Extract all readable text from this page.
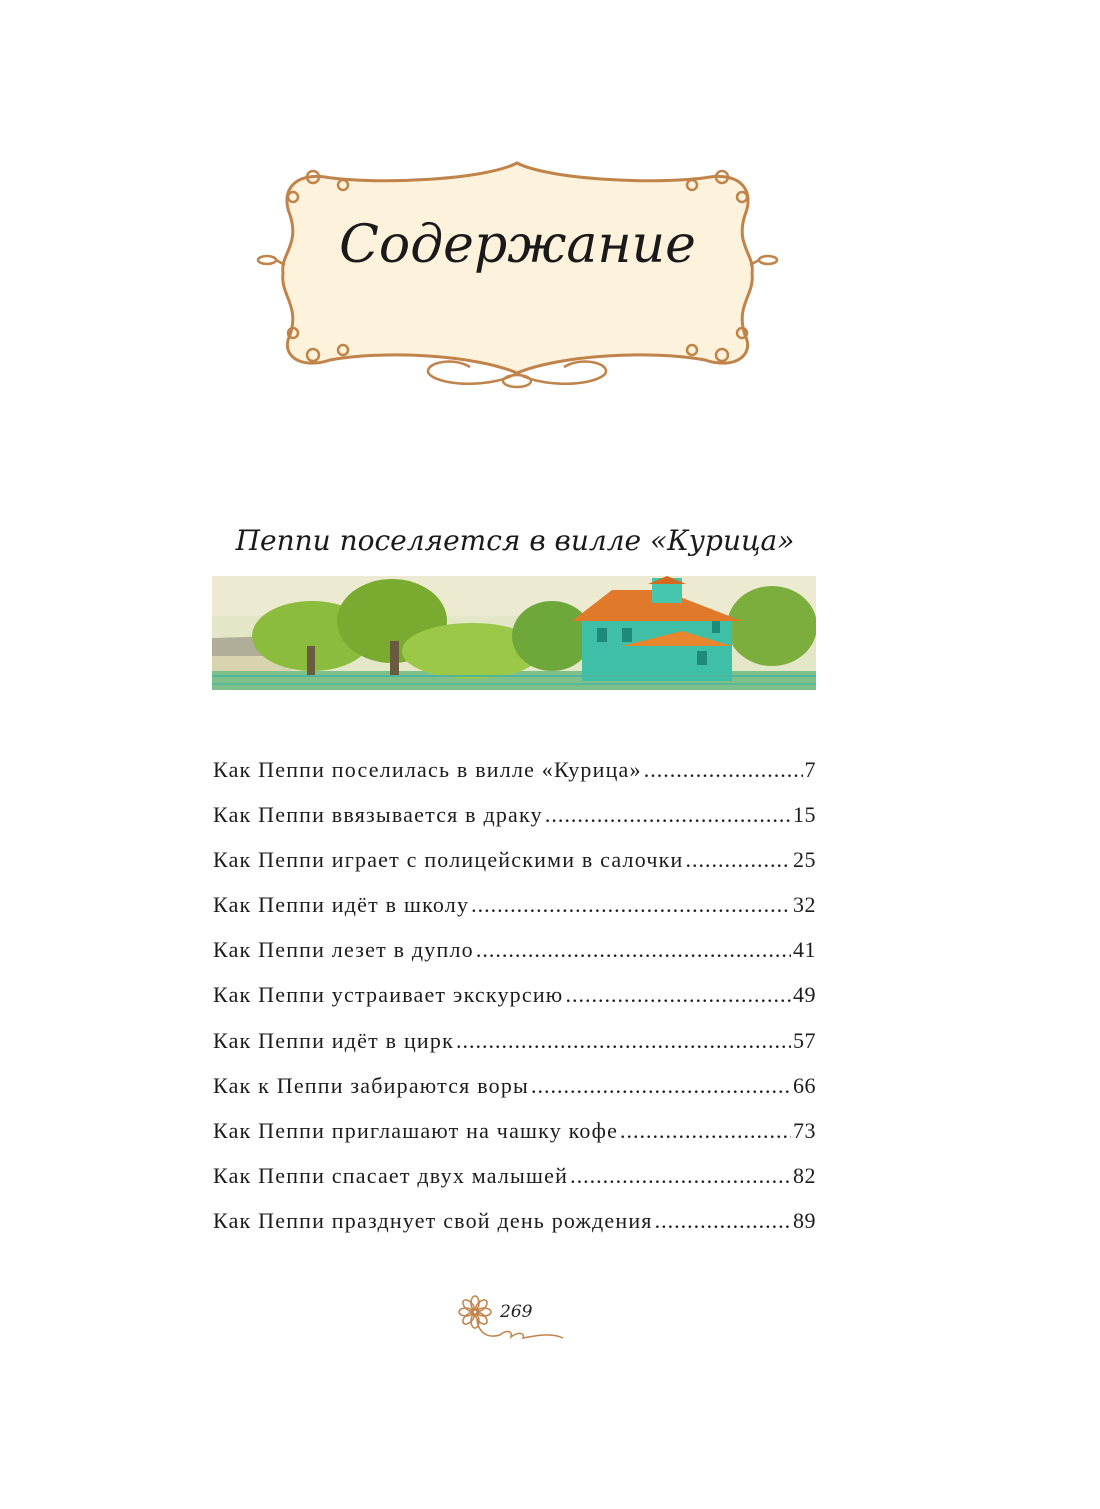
Содержание
Пеппи поселяется в вилле «Курица»
Как Пеппи поселилась в вилле «Курица» .....	7
Как Пеппи ввязывается в драку .....	15
Как Пеппи играет с полицейскими в салочки .....	25
Как Пеппи идёт в школу .....	32
Как Пеппи лезет в дупло .....	41
Как Пеппи устраивает экскурсию .....	49
Как Пеппи идёт в цирк .....	57
Как к Пеппи забираются воры .....	66
Как Пеппи приглашают на чашку кофе .....	73
Как Пеппи спасает двух малышей .....	82
Как Пеппи празднует свой день рождения .....	89
269
